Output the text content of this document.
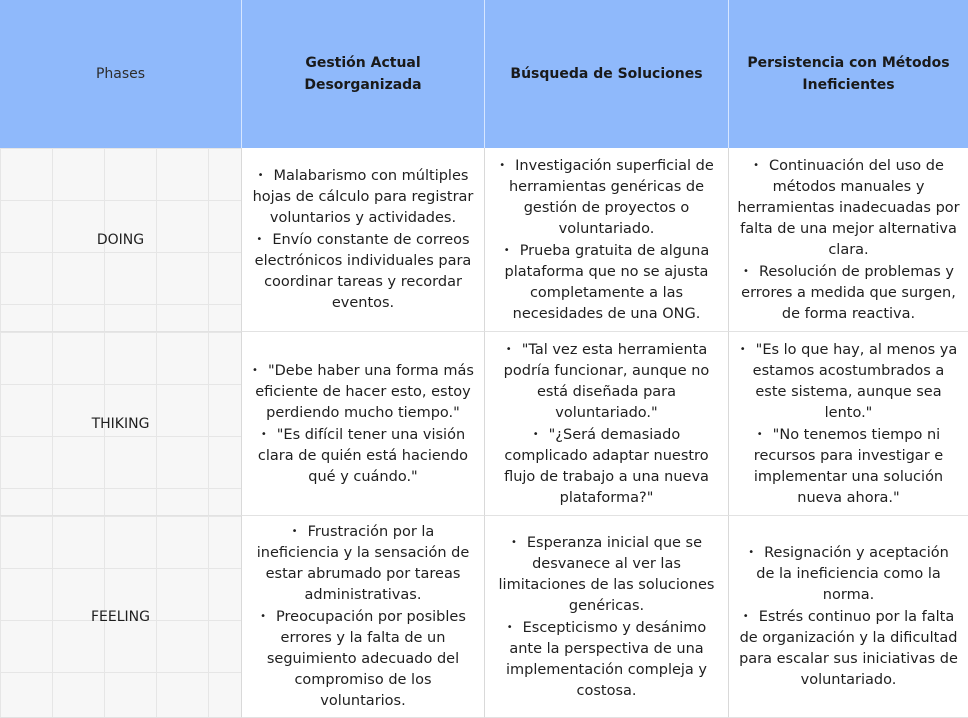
Phases
Gestión Actual Desorganizada
Búsqueda de Soluciones
Persistencia con Métodos Ineficientes
DOING
• Malabarismo con múltiples hojas de cálculo para registrar voluntarios y actividades.
• Envío constante de correos electrónicos individuales para coordinar tareas y recordar eventos.
• Investigación superficial de herramientas genéricas de gestión de proyectos o voluntariado.
• Prueba gratuita de alguna plataforma que no se ajusta completamente a las necesidades de una ONG.
• Continuación del uso de métodos manuales y herramientas inadecuadas por falta de una mejor alternativa clara.
• Resolución de problemas y errores a medida que surgen, de forma reactiva.
THIKING
• "Debe haber una forma más eficiente de hacer esto, estoy perdiendo mucho tiempo."
• "Es difícil tener una visión clara de quién está haciendo qué y cuándo."
• "Tal vez esta herramienta podría funcionar, aunque no está diseñada para voluntariado."
• "¿Será demasiado complicado adaptar nuestro flujo de trabajo a una nueva plataforma?"
• "Es lo que hay, al menos ya estamos acostumbrados a este sistema, aunque sea lento."
• "No tenemos tiempo ni recursos para investigar e implementar una solución nueva ahora."
FEELING
• Frustración por la ineficiencia y la sensación de estar abrumado por tareas administrativas.
• Preocupación por posibles errores y la falta de un seguimiento adecuado del compromiso de los voluntarios.
• Esperanza inicial que se desvanece al ver las limitaciones de las soluciones genéricas.
• Escepticismo y desánimo ante la perspectiva de una implementación compleja y costosa.
• Resignación y aceptación de la ineficiencia como la norma.
• Estrés continuo por la falta de organización y la dificultad para escalar sus iniciativas de voluntariado.
